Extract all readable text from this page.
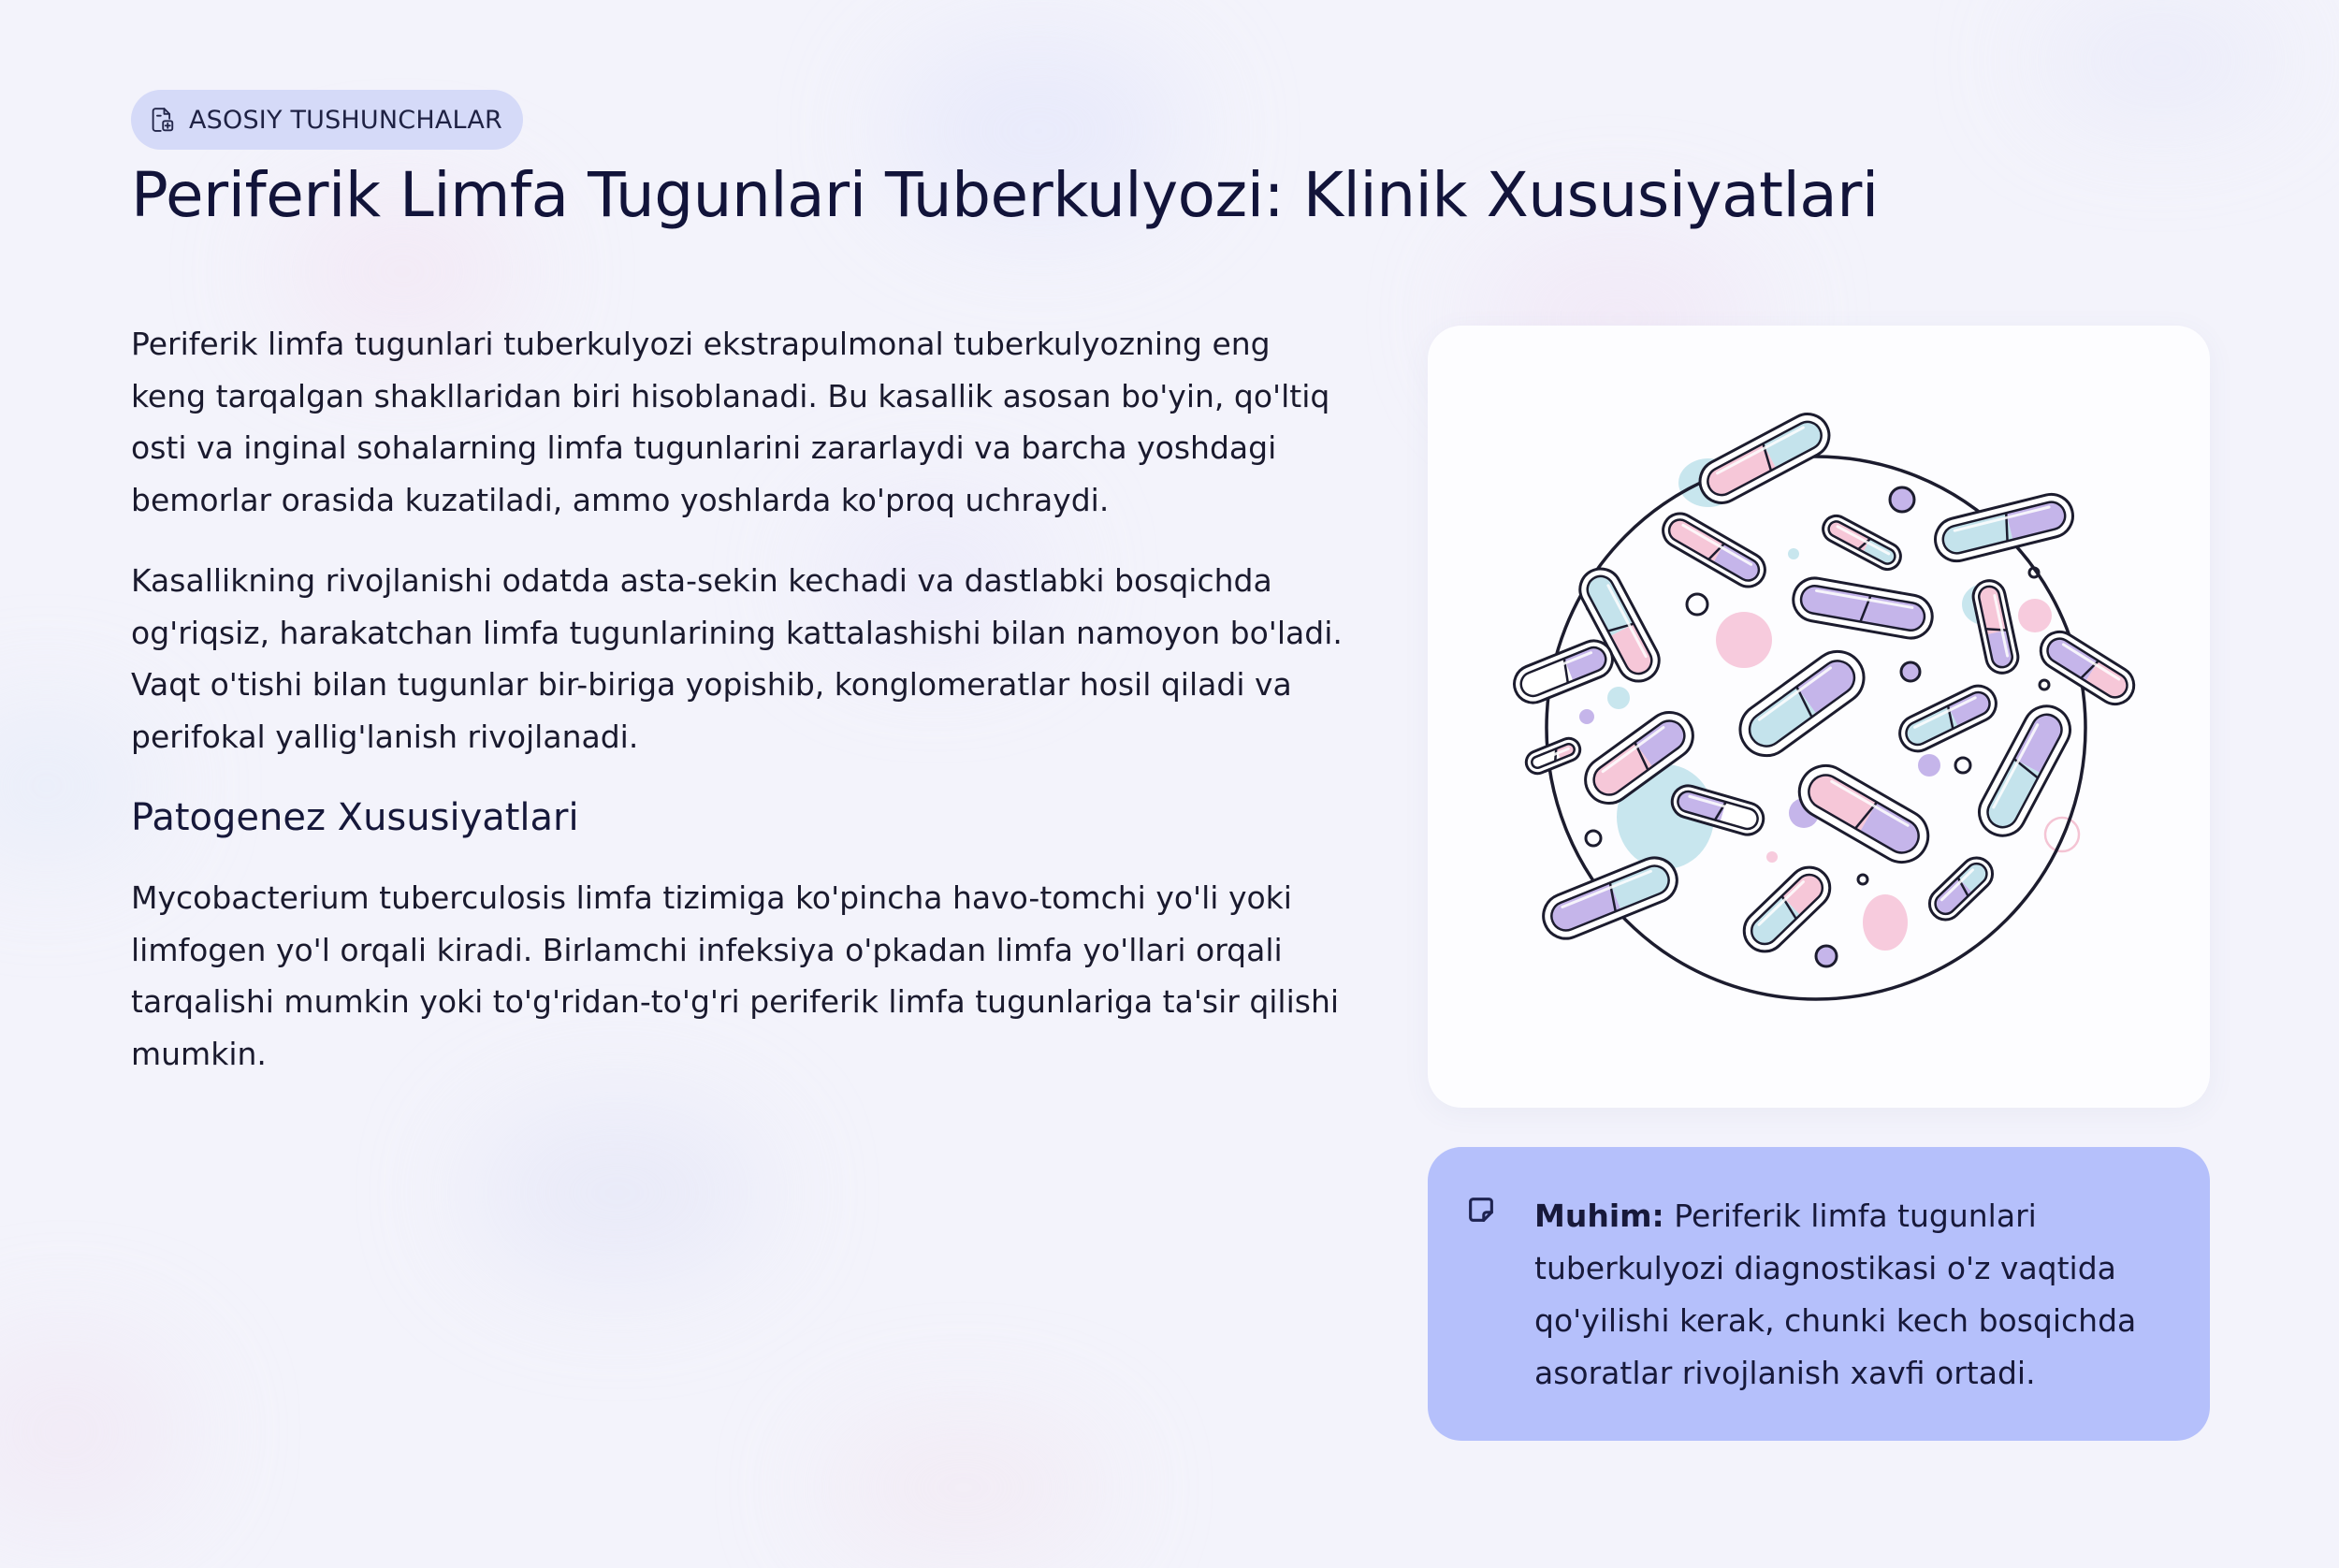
ASOSIY TUSHUNCHALAR
Periferik Limfa Tugunlari Tuberkulyozi: Klinik Xususiyatlari

Periferik limfa tugunlari tuberkulyozi ekstrapulmonal tuberkulyozning eng keng tarqalgan shakllaridan biri hisoblanadi. Bu kasallik asosan bo'yin, qo'ltiq osti va inginal sohalarning limfa tugunlarini zararlaydi va barcha yoshdagi bemorlar orasida kuzatiladi, ammo yoshlarda ko'proq uchraydi.

Kasallikning rivojlanishi odatda asta-sekin kechadi va dastlabki bosqichda og'riqsiz, harakatchan limfa tugunlarining kattalashishi bilan namoyon bo'ladi. Vaqt o'tishi bilan tugunlar bir-biriga yopishib, konglomeratlar hosil qiladi va perifokal yallig'lanish rivojlanadi.

Patogenez Xususiyatlari

Mycobacterium tuberculosis limfa tizimiga ko'pincha havo-tomchi yo'li yoki limfogen yo'l orqali kiradi. Birlamchi infeksiya o'pkadan limfa yo'llari orqali tarqalishi mumkin yoki to'g'ridan-to'g'ri periferik limfa tugunlariga ta'sir qilishi mumkin.

Muhim: Periferik limfa tugunlari tuberkulyozi diagnostikasi o'z vaqtida qo'yilishi kerak, chunki kech bosqichda asoratlar rivojlanish xavfi ortadi.
